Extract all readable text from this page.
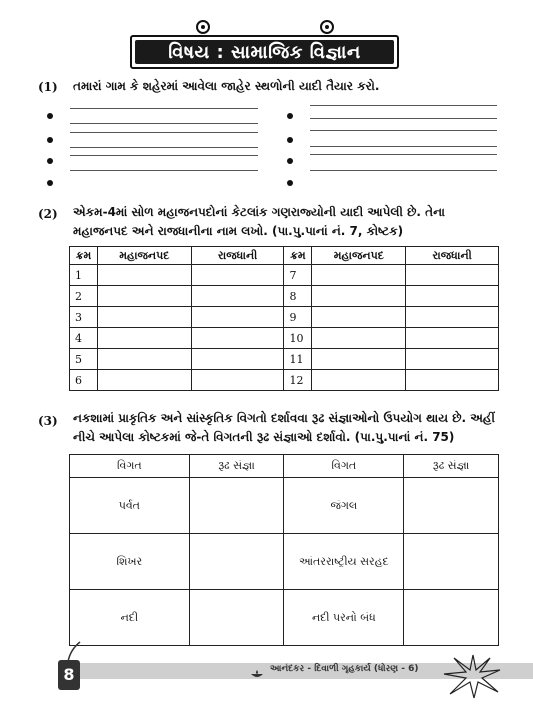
વિષય : સામાજિક વિજ્ઞાન
(1) તમારાં ગામ કે શહેરમાં આવેલા જાહેર સ્થળોની યાદી તૈયાર કરો.
(2) એકમ-4માં સોળ મહાજનપદોનાં કેટલાંક ગણરાજ્યોની યાદી આપેલી છે. તેના
મહાજનપદ અને રાજધાનીના નામ લખો. (પા.પુ.પાનાં નં. 7, કોષ્ટક)
ક્રમ	મહાજનપદ	રાજધાની	ક્રમ	મહાજનપદ	રાજધાની
1			7		
2			8		
3			9		
4			10		
5			11		
6			12		
(3) નકશામાં પ્રાકૃતિક અને સાંસ્કૃતિક વિગતો દર્શાવવા રૂઢ સંજ્ઞાઓનો ઉપયોગ થાય છે. અહીં
નીચે આપેલા કોષ્ટકમાં જે-તે વિગતની રૂઢ સંજ્ઞાઓ દર્શાવો. (પા.પુ.પાનાં નં. 75)
વિગત	રૂઢ સંજ્ઞા	વિગત	રૂઢ સંજ્ઞા
પર્વત		જંગલ	
શિખર		આંતરરાષ્ટ્રીય સરહદ	
નદી		નદી પરનો બંધ	
આનંદકર - દિવાળી ગૃહકાર્ય (ધોરણ - 6)
8
